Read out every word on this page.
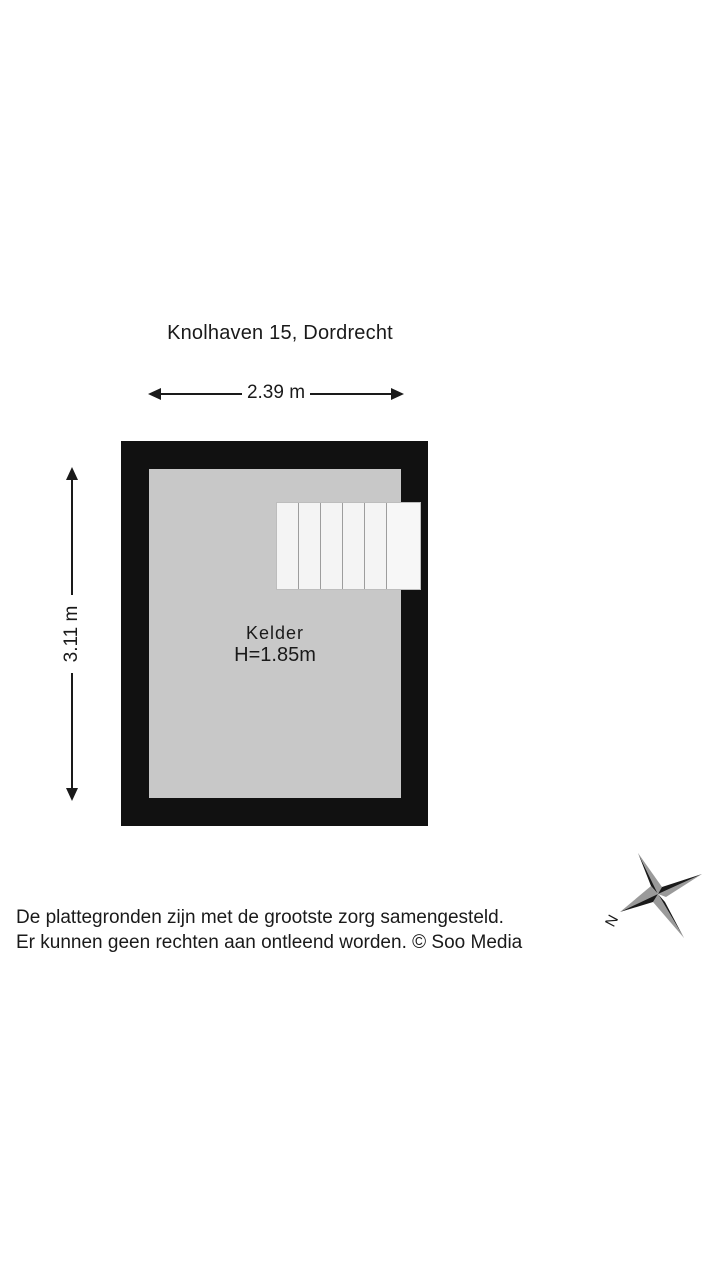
Knolhaven 15, Dordrecht
2.39 m
3.11 m	Kelder
H=1.85m
De plattegronden zijn met de grootste zorg samengesteld.
Er kunnen geen rechten aan ontleend worden. © Soo Media
N
